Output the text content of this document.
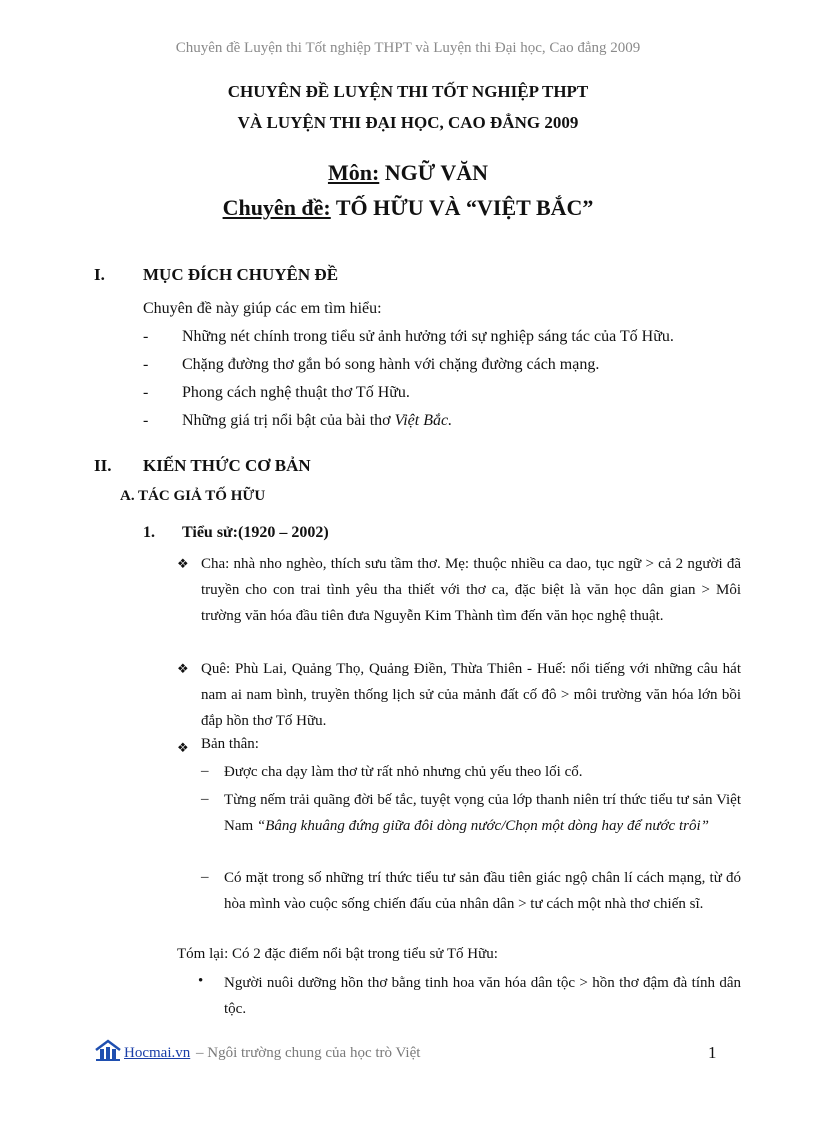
Chuyên đề Luyện thi Tốt nghiệp THPT và Luyện thi Đại học, Cao đẳng 2009
CHUYÊN ĐỀ LUYỆN THI TỐT NGHIỆP THPT
VÀ LUYỆN THI ĐẠI HỌC, CAO ĐẲNG 2009
Môn: NGỮ VĂN
Chuyên đề: TỐ HỮU VÀ “VIỆT BẮC”
I. MỤC ĐÍCH CHUYÊN ĐỀ
Chuyên đề này giúp các em tìm hiểu:
- Những nét chính trong tiểu sử ảnh hưởng tới sự nghiệp sáng tác của Tố Hữu.
- Chặng đường thơ gắn bó song hành với chặng đường cách mạng.
- Phong cách nghệ thuật thơ Tố Hữu.
- Những giá trị nổi bật của bài thơ Việt Bắc.
II. KIẾN THỨC CƠ BẢN
A. TÁC GIẢ TỐ HỮU
1. Tiểu sử:(1920 – 2002)
❖ Cha: nhà nho nghèo, thích sưu tầm thơ. Mẹ: thuộc nhiều ca dao, tục ngữ > cả 2 người đã truyền cho con trai tình yêu tha thiết với thơ ca, đặc biệt là văn học dân gian > Môi trường văn hóa đầu tiên đưa Nguyễn Kim Thành tìm đến văn học nghệ thuật.
❖ Quê: Phù Lai, Quảng Thọ, Quảng Điền, Thừa Thiên - Huế: nổi tiếng với những câu hát nam ai nam bình, truyền thống lịch sử của mảnh đất cố đô > môi trường văn hóa lớn bồi đắp hồn thơ Tố Hữu.
❖ Bản thân:
– Được cha dạy làm thơ từ rất nhỏ nhưng chủ yếu theo lối cổ.
– Từng nếm trải quãng đời bế tắc, tuyệt vọng của lớp thanh niên trí thức tiểu tư sản Việt Nam “Bâng khuâng đứng giữa đôi dòng nước/Chọn một dòng hay để nước trôi”
– Có mặt trong số những trí thức tiểu tư sản đầu tiên giác ngộ chân lí cách mạng, từ đó hòa mình vào cuộc sống chiến đấu của nhân dân > tư cách một nhà thơ chiến sĩ.
Tóm lại: Có 2 đặc điểm nổi bật trong tiểu sử Tố Hữu:
• Người nuôi dưỡng hồn thơ bằng tinh hoa văn hóa dân tộc > hồn thơ đậm đà tính dân tộc.
Hocmai.vn – Ngôi trường chung của học trò Việt	1
